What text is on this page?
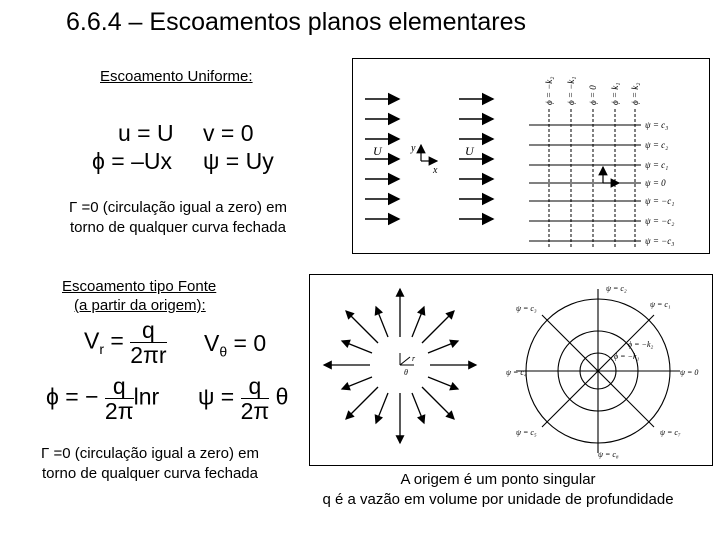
6.6.4 – Escoamentos planos elementares
Escoamento Uniforme:
u = U v = 0
ϕ = –Ux ψ = Uy
Γ =0 (circulação igual a zero) em
torno de qualquer curva fechada
U	y
x
U
ϕ = −k₂ ϕ = −k₁ ϕ = 0 ϕ = k₁ ϕ = k₂
ψ = c₃
ψ = c₂
ψ = c₁
ψ = 0
ψ = −c₁
ψ = −c₂
ψ = −c₃
Escoamento tipo Fonte
(a partir da origem):
$V_r = \frac{q}{2\pi r} V_\theta = 0$
ϕ = − $\frac{q}{2\pi}$ lnr $\psi = \frac{q}{2\pi}$ θ
Γ =0 (circulação igual a zero) em
torno de qualquer curva fechada
r
θ
ψ = c₂
ψ = c₁
ψ = c₃
ψ = c₄	ψ = 0
ψ = c₅
ψ = c₈
ψ = c₇
ϕ = −k₂
ϕ = −k₁
A origem é um ponto singular
q é a vazão em volume por unidade de profundidade
